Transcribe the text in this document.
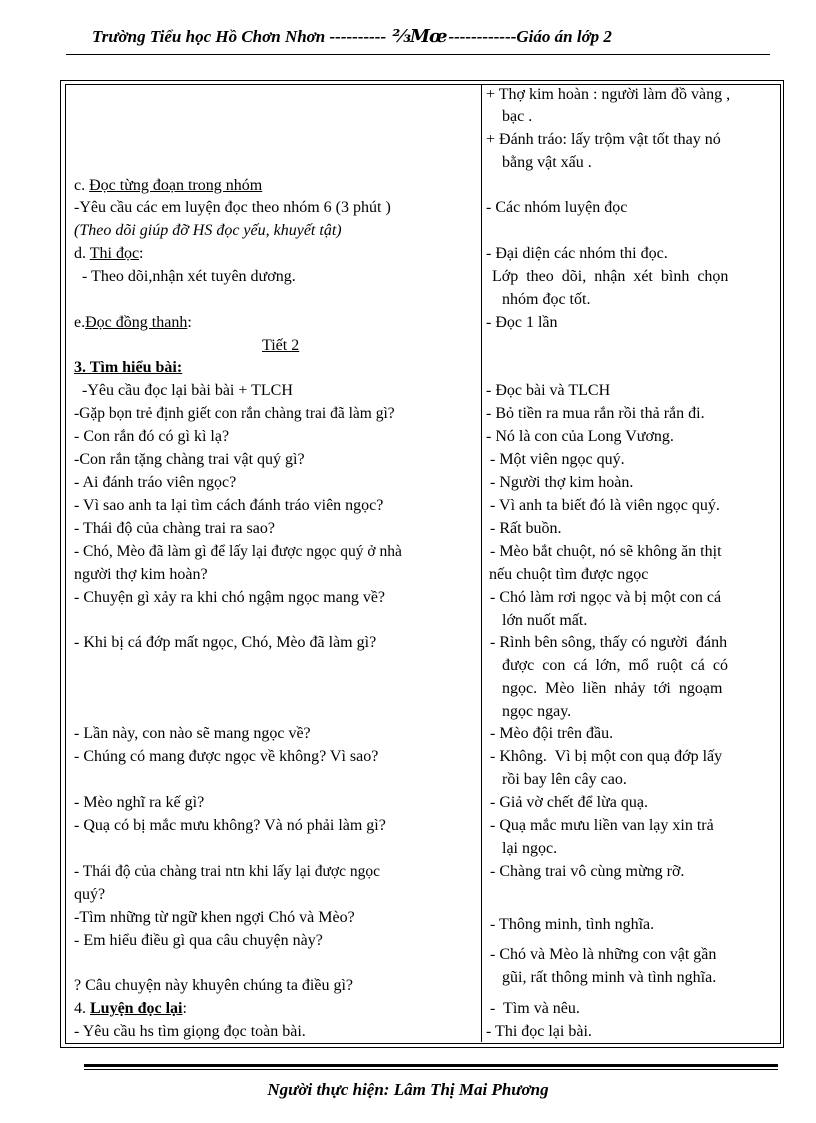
Trường Tiểu học Hồ Chơn Nhơn ---------- ⅔Mœ ------------Giáo án lớp 2
c. Đọc từng đoạn trong nhóm
-Yêu cầu các em luyện đọc theo nhóm 6 (3 phút )
(Theo dõi giúp đỡ HS đọc yếu, khuyết tật)
d. Thi đọc:
- Theo dõi,nhận xét tuyên dương.
e.Đọc đồng thanh:
Tiết 2
3. Tìm hiểu bài:
-Yêu cầu đọc lại bài bài + TLCH
-Gặp bọn trẻ định giết con rắn chàng trai đã làm gì?
- Con rắn đó có gì kì lạ?
-Con rắn tặng chàng trai vật quý gì?
- Ai đánh tráo viên ngọc?
- Vì sao anh ta lại tìm cách đánh tráo viên ngọc?
- Thái độ của chàng trai ra sao?
- Chó, Mèo đã làm gì để lấy lại được ngọc quý ở nhà
người thợ kim hoàn?
- Chuyện gì xảy ra khi chó ngậm ngọc mang về?
- Khi bị cá đớp mất ngọc, Chó, Mèo đã làm gì?
- Lần này, con nào sẽ mang ngọc về?
- Chúng có mang được ngọc về không? Vì sao?
- Mèo nghĩ ra kế gì?
- Quạ có bị mắc mưu không? Và nó phải làm gì?
- Thái độ của chàng trai ntn khi lấy lại được ngọc
quý?
-Tìm những từ ngữ khen ngợi Chó và Mèo?
- Em hiểu điều gì qua câu chuyện này?
? Câu chuyện này khuyên chúng ta điều gì?
4. Luyện đọc lại:
- Yêu cầu hs tìm giọng đọc toàn bài.
+ Thợ kim hoàn : người làm đồ vàng ,
bạc .
+ Đánh tráo: lấy trộm vật tốt thay nó
bằng vật xấu .
- Các nhóm luyện đọc
- Đại diện các nhóm thi đọc.
Lớp  theo  dõi,  nhận  xét  bình  chọn
nhóm đọc tốt.
- Đọc 1 lần
- Đọc bài và TLCH
- Bỏ tiền ra mua rắn rồi thả rắn đi.
- Nó là con của Long Vương.
- Một viên ngọc quý.
- Người thợ kim hoàn.
- Vì anh ta biết đó là viên ngọc quý.
- Rất buồn.
- Mèo bắt chuột, nó sẽ không ăn thịt
nếu chuột tìm được ngọc
- Chó làm rơi ngọc và bị một con cá
lớn nuốt mất.
- Rình bên sông, thấy có người  đánh
được  con  cá  lớn,  mổ  ruột  cá  có
ngọc.  Mèo  liền  nhảy  tới  ngoạm
ngọc ngay.
- Mèo đội trên đầu.
- Không.  Vì bị một con quạ đớp lấy
rồi bay lên cây cao.
- Giả vờ chết để lừa quạ.
- Quạ mắc mưu liền van lạy xin trả
lại ngọc.
- Chàng trai vô cùng mừng rỡ.
- Thông minh, tình nghĩa.
- Chó và Mèo là những con vật gần
gũi, rất thông minh và tình nghĩa.
-  Tìm và nêu.
- Thi đọc lại bài.
Người thực hiện: Lâm Thị Mai Phương
